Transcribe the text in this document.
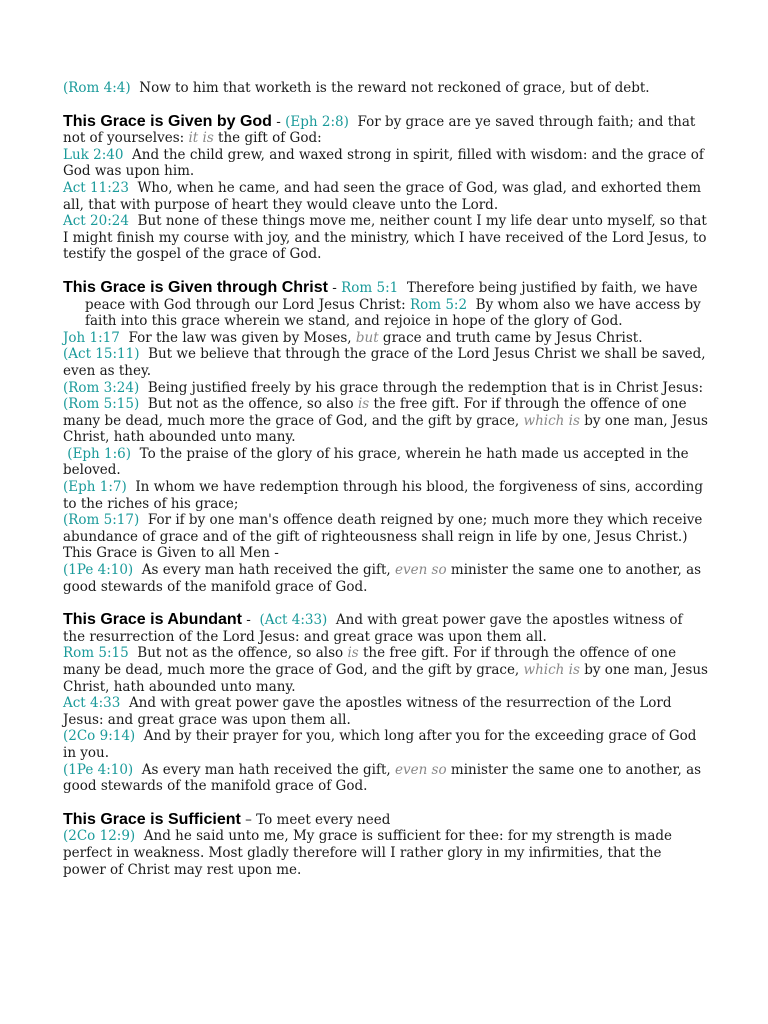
(Rom 4:4) Now to him that worketh is the reward not reckoned of grace, but of debt.

This Grace is Given by God - (Eph 2:8) For by grace are ye saved through faith; and that not of yourselves: it is the gift of God:

Luk 2:40 And the child grew, and waxed strong in spirit, filled with wisdom: and the grace of God was upon him.

Act 11:23 Who, when he came, and had seen the grace of God, was glad, and exhorted them all, that with purpose of heart they would cleave unto the Lord.

Act 20:24 But none of these things move me, neither count I my life dear unto myself, so that I might finish my course with joy, and the ministry, which I have received of the Lord Jesus, to testify the gospel of the grace of God.

This Grace is Given through Christ - Rom 5:1 Therefore being justified by faith, we have peace with God through our Lord Jesus Christ: Rom 5:2 By whom also we have access by faith into this grace wherein we stand, and rejoice in hope of the glory of God.

Joh 1:17 For the law was given by Moses, but grace and truth came by Jesus Christ.

(Act 15:11) But we believe that through the grace of the Lord Jesus Christ we shall be saved, even as they.

(Rom 3:24) Being justified freely by his grace through the redemption that is in Christ Jesus:

(Rom 5:15) But not as the offence, so also is the free gift. For if through the offence of one many be dead, much more the grace of God, and the gift by grace, which is by one man, Jesus Christ, hath abounded unto many.

(Eph 1:6) To the praise of the glory of his grace, wherein he hath made us accepted in the beloved.

(Eph 1:7) In whom we have redemption through his blood, the forgiveness of sins, according to the riches of his grace;

(Rom 5:17) For if by one man's offence death reigned by one; much more they which receive abundance of grace and of the gift of righteousness shall reign in life by one, Jesus Christ.)

This Grace is Given to all Men -

(1Pe 4:10) As every man hath received the gift, even so minister the same one to another, as good stewards of the manifold grace of God.

This Grace is Abundant -  (Act 4:33) And with great power gave the apostles witness of the resurrection of the Lord Jesus: and great grace was upon them all.

Rom 5:15 But not as the offence, so also is the free gift. For if through the offence of one many be dead, much more the grace of God, and the gift by grace, which is by one man, Jesus Christ, hath abounded unto many.

Act 4:33 And with great power gave the apostles witness of the resurrection of the Lord Jesus: and great grace was upon them all.

(2Co 9:14) And by their prayer for you, which long after you for the exceeding grace of God in you.

(1Pe 4:10) As every man hath received the gift, even so minister the same one to another, as good stewards of the manifold grace of God.

This Grace is Sufficient – To meet every need

(2Co 12:9) And he said unto me, My grace is sufficient for thee: for my strength is made perfect in weakness. Most gladly therefore will I rather glory in my infirmities, that the power of Christ may rest upon me.
